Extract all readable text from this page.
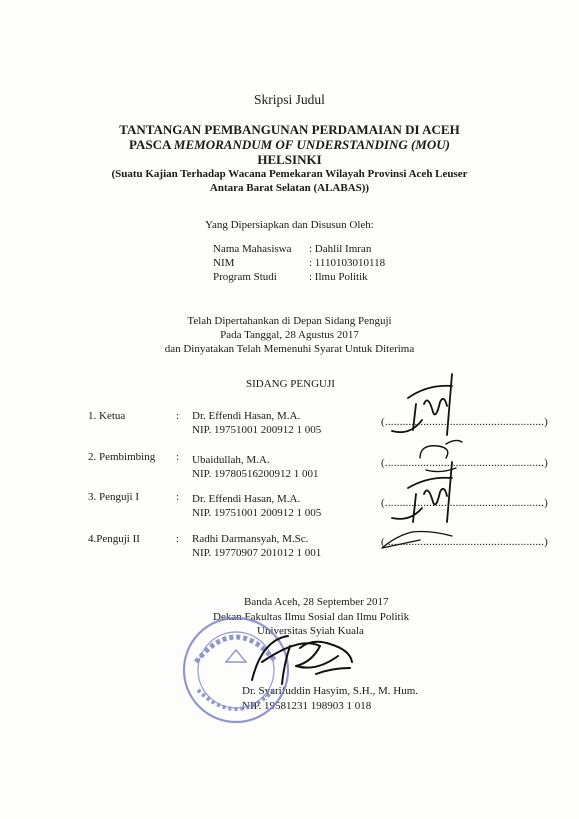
Skripsi Judul
TANTANGAN PEMBANGUNAN PERDAMAIAN DI ACEH
PASCA MEMORANDUM OF UNDERSTANDING (MOU)
HELSINKI
(Suatu Kajian Terhadap Wacana Pemekaran Wilayah Provinsi Aceh Leuser
Antara Barat Selatan (ALABAS))
Yang Dipersiapkan dan Disusun Oleh:
Nama Mahasiswa : Dahlil Imran
NIM	: 1110103010118
Program Studi	: Ilmu Politik
Telah Dipertahankan di Depan Sidang Penguji
Pada Tanggal, 28 Agustus 2017
dan Dinyatakan Telah Memenuhi Syarat Untuk Diterima
SIDANG PENGUJI
1. Ketua	: Dr. Effendi Hasan, M.A.
NIP. 19751001 200912 1 005
(......................................................)
2. Pembimbing : Ubaidullah, M.A.
NIP. 19780516200912 1 001
(......................................................)
3. Penguji I	: Dr. Effendi Hasan, M.A.
NIP. 19751001 200912 1 005
(......................................................)
4.Penguji II	: Radhi Darmansyah, M.Sc.
NIP. 19770907 201012 1 001
(......................................................)
Banda Aceh, 28 September 2017
Dekan Fakultas Ilmu Sosial dan Ilmu Politik
Universitas Syiah Kuala
Dr. Syarifuddin Hasyim, S.H., M. Hum.
NIP. 19581231 198903 1 018
